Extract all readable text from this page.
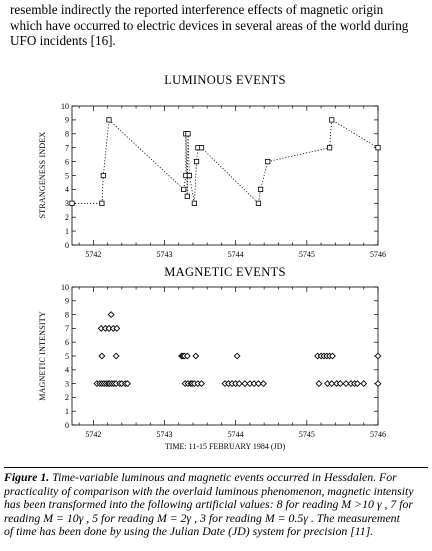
resemble indirectly the reported interference effects of magnetic origin
which have occurred to electric devices in several areas of the world during
UFO incidents [16].

LUMINOUS EVENTS
STRANGENESS INDEX
0
1
2
3
4
5
6
7
8
9
10
5742	5743	5744	5745	5746
MAGNETIC EVENTS
MAGNETIC INTENSITY
TIME: 11-15 FEBRUARY 1984 (JD)
0
1
2
3
4
5
6
7
8
9
10
5742	5743	5744	5745	5746

Figure 1. Time-variable luminous and magnetic events occurred in Hessdalen. For
practicality of comparison with the overlaid luminous phenomenon, magnetic intensity
has been transformed into the following artificial values: 8 for reading M >10 γ , 7 for
reading M = 10γ , 5 for reading M = 2γ , 3 for reading M = 0.5γ . The measurement
of time has been done by using the Julian Date (JD) system for precision [11].
